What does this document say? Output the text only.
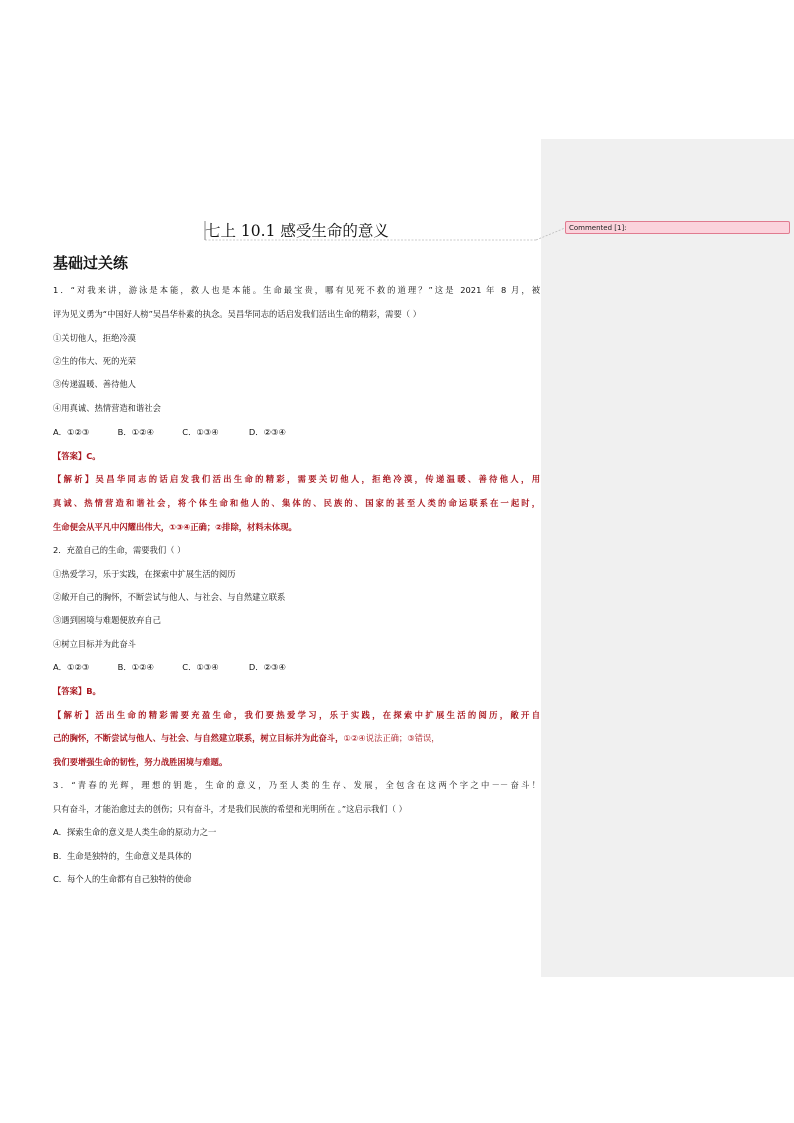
Commented [1]:
七上 10.1 感受生命的意义
基础过关练
1．“对我来讲，游泳是本能，救人也是本能。生命最宝贵，哪有见死不救的道理？”这是 2021 年 8 月，被
评为见义勇为“中国好人榜”吴昌华朴素的执念。吴昌华同志的话启发我们活出生命的精彩，需要（ ）
①关切他人，拒绝冷漠
②生的伟大、死的光荣
③传递温暖、善待他人
④用真诚、热情营造和谐社会
A．①②③	B．①②④	C．①③④	D．②③④
【答案】C。
【解析】吴昌华同志的话启发我们活出生命的精彩，需要关切他人，拒绝冷漠，传递温暖、善待他人，用
真诚、热情营造和谐社会，将个体生命和他人的、集体的、民族的、国家的甚至人类的命运联系在一起时，
生命便会从平凡中闪耀出伟大，①③④正确；②排除，材料未体现。
2．充盈自己的生命，需要我们（ ）
①热爱学习，乐于实践，在探索中扩展生活的阅历
②敞开自己的胸怀，不断尝试与他人、与社会、与自然建立联系
③遇到困境与难题便放弃自己
④树立目标并为此奋斗
A．①②③	B．①②④	C．①③④	D．②③④
【答案】B。
【解析】活出生命的精彩需要充盈生命，我们要热爱学习，乐于实践，在探索中扩展生活的阅历，敞开自
己的胸怀，不断尝试与他人、与社会、与自然建立联系，树立目标并为此奋斗，①②④说法正确；③错误，
我们要增强生命的韧性，努力战胜困境与难题。
3．“青春的光辉，理想的钥匙，生命的意义，乃至人类的生存、发展，全包含在这两个字之中－－奋斗！
只有奋斗，才能治愈过去的创伤；只有奋斗，才是我们民族的希望和光明所在 。”这启示我们（ ）
A．探索生命的意义是人类生命的原动力之一
B．生命是独特的，生命意义是具体的
C．每个人的生命都有自己独特的使命
